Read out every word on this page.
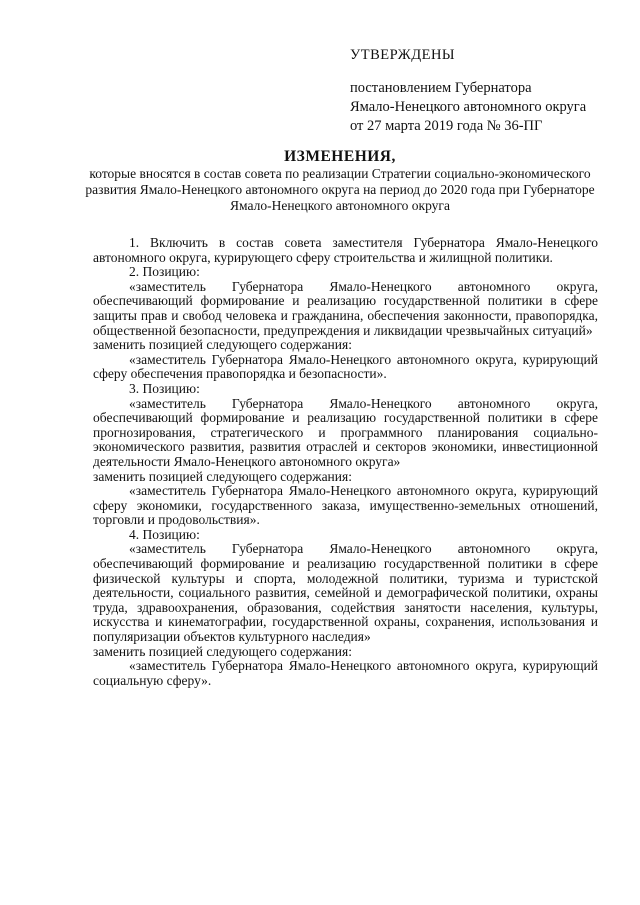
УТВЕРЖДЕНЫ
постановлением Губернатора
Ямало-Ненецкого автономного округа
от 27 марта 2019 года № 36-ПГ
ИЗМЕНЕНИЯ,
которые вносятся в состав совета по реализации Стратегии социально-экономического развития Ямало-Ненецкого автономного округа на период до 2020 года при Губернаторе Ямало-Ненецкого автономного округа

1. Включить в состав совета заместителя Губернатора Ямало-Ненецкого автономного округа, курирующего сферу строительства и жилищной политики.

2. Позицию:

«заместитель Губернатора Ямало-Ненецкого автономного округа, обеспечивающий формирование и реализацию государственной политики в сфере защиты прав и свобод человека и гражданина, обеспечения законности, правопорядка, общественной безопасности, предупреждения и ликвидации чрезвычайных ситуаций»

заменить позицией следующего содержания:

«заместитель Губернатора Ямало-Ненецкого автономного округа, курирующий сферу обеспечения правопорядка и безопасности».

3. Позицию:

«заместитель Губернатора Ямало-Ненецкого автономного округа, обеспечивающий формирование и реализацию государственной политики в сфере прогнозирования, стратегического и программного планирования социально-экономического развития, развития отраслей и секторов экономики, инвестиционной деятельности Ямало-Ненецкого автономного округа»

заменить позицией следующего содержания:

«заместитель Губернатора Ямало-Ненецкого автономного округа, курирующий сферу экономики, государственного заказа, имущественно-земельных отношений, торговли и продовольствия».

4. Позицию:

«заместитель Губернатора Ямало-Ненецкого автономного округа, обеспечивающий формирование и реализацию государственной политики в сфере физической культуры и спорта, молодежной политики, туризма и туристской деятельности, социального развития, семейной и демографической политики, охраны труда, здравоохранения, образования, содействия занятости населения, культуры, искусства и кинематографии, государственной охраны, сохранения, использования и популяризации объектов культурного наследия»

заменить позицией следующего содержания:

«заместитель Губернатора Ямало-Ненецкого автономного округа, курирующий социальную сферу».
